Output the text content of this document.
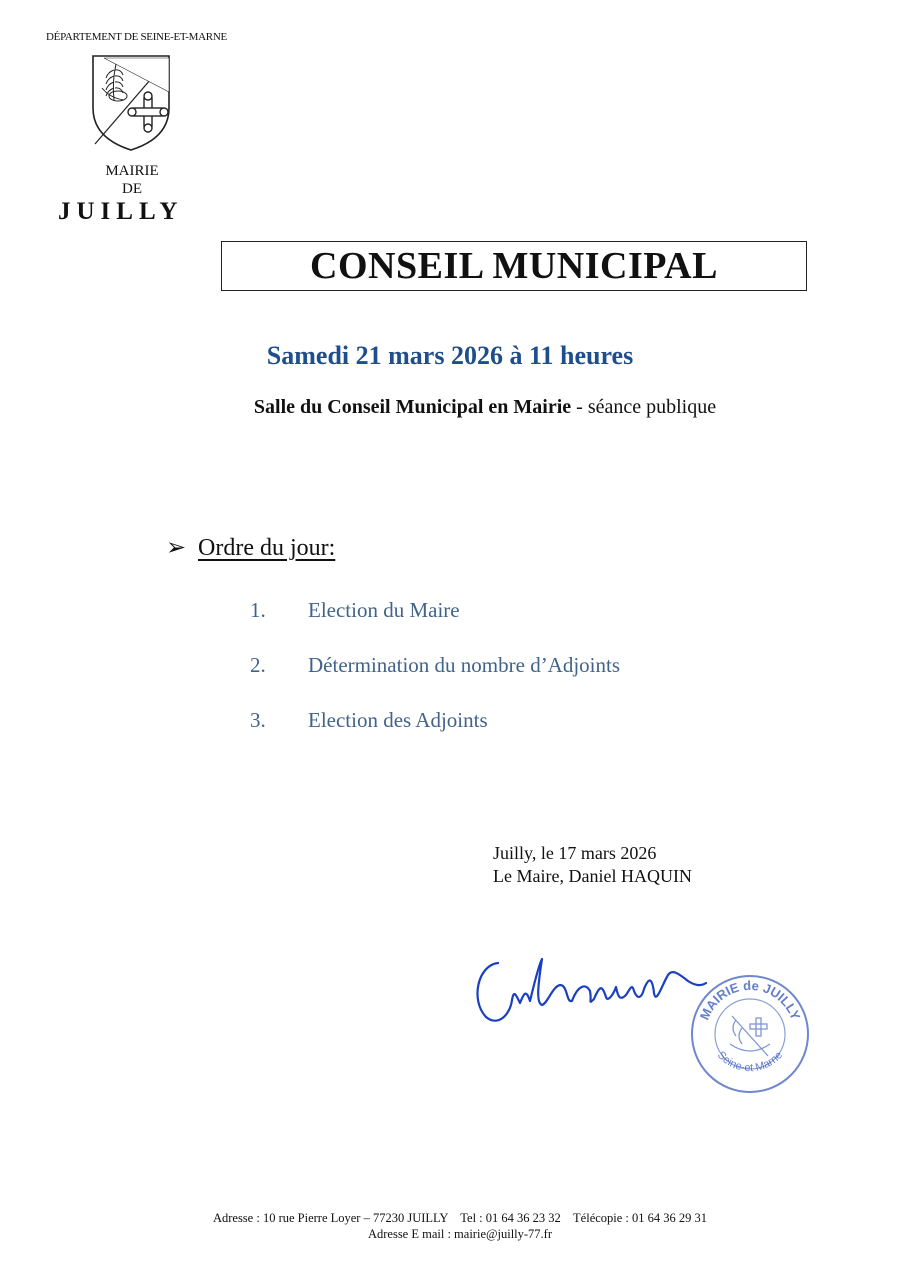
DÉPARTEMENT DE SEINE-ET-MARNE
MAIRIE
DE
JUILLY
CONSEIL MUNICIPAL
Samedi 21 mars 2026 à 11 heures
Salle du Conseil Municipal en Mairie - séance publique
➢ Ordre du jour:
1. Election du Maire
2. Détermination du nombre d’Adjoints
3. Election des Adjoints
Juilly, le 17 mars 2026
Le Maire, Daniel HAQUIN
MAIRIE de JUILLY
Seine-et Marne
Adresse : 10 rue Pierre Loyer – 77230 JUILLY    Tel : 01 64 36 23 32    Télécopie : 01 64 36 29 31
Adresse E mail : mairie@juilly-77.fr
